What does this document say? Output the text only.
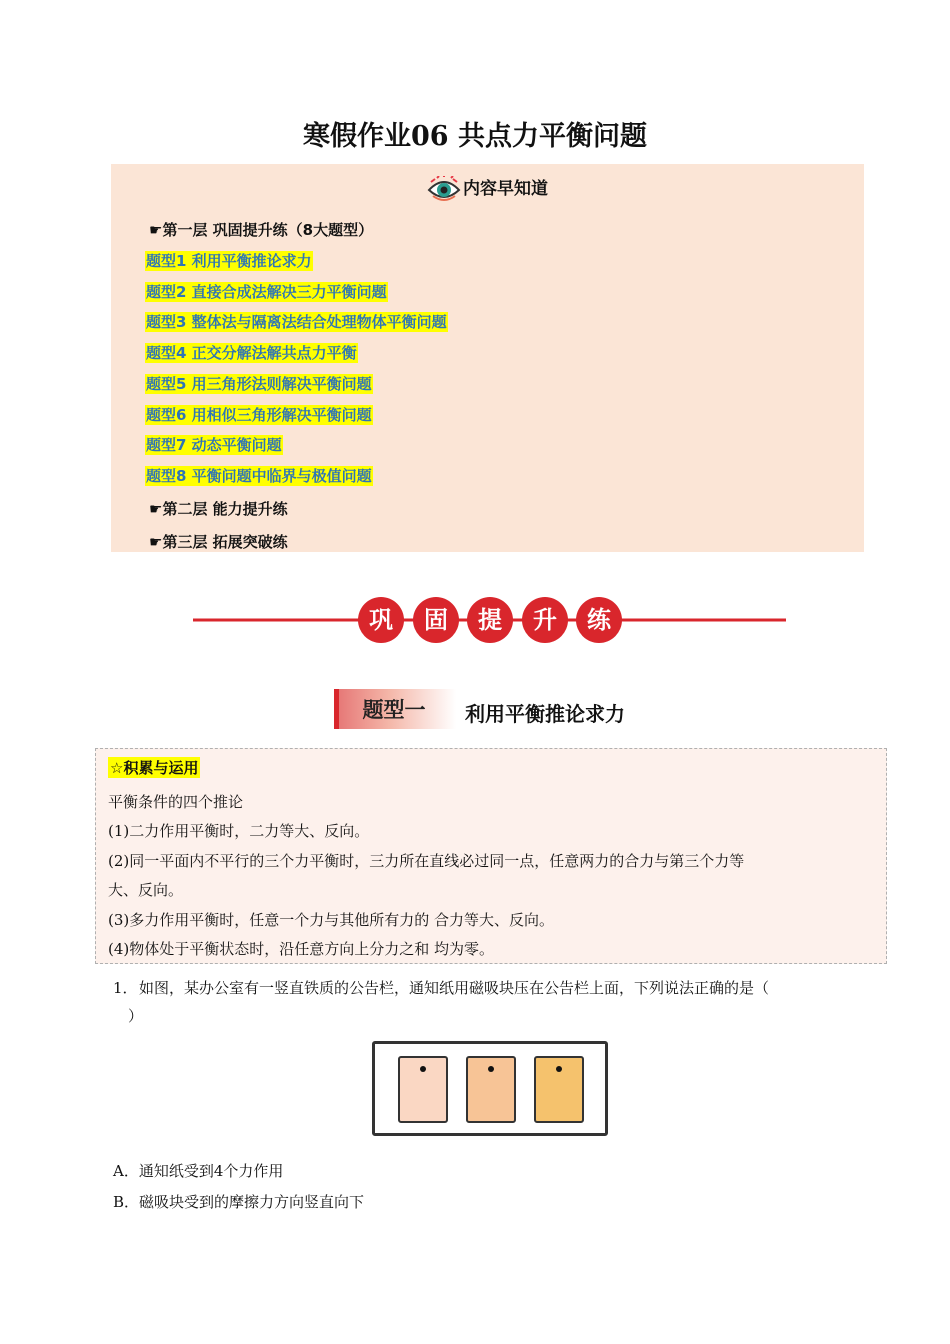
寒假作业06 共点力平衡问题
内容早知道
☛第一层 巩固提升练（8大题型）
题型1 利用平衡推论求力
题型2 直接合成法解决三力平衡问题
题型3 整体法与隔离法结合处理物体平衡问题
题型4 正交分解法解共点力平衡
题型5 用三角形法则解决平衡问题
题型6 用相似三角形解决平衡问题
题型7 动态平衡问题
题型8 平衡问题中临界与极值问题
☛第二层 能力提升练
☛第三层 拓展突破练
巩 固 提 升 练
题型一 利用平衡推论求力
☆积累与运用
平衡条件的四个推论
(1)二力作用平衡时，二力等大、反向。
(2)同一平面内不平行的三个力平衡时，三力所在直线必过同一点，任意两力的合力与第三个力等
大、反向。
(3)多力作用平衡时，任意一个力与其他所有力的 合力等大、反向。
(4)物体处于平衡状态时，沿任意方向上分力之和 均为零。
1． 如图，某办公室有一竖直铁质的公告栏，通知纸用磁吸块压在公告栏上面，下列说法正确的是（
）
A．通知纸受到4个力作用
B．磁吸块受到的摩擦力方向竖直向下
